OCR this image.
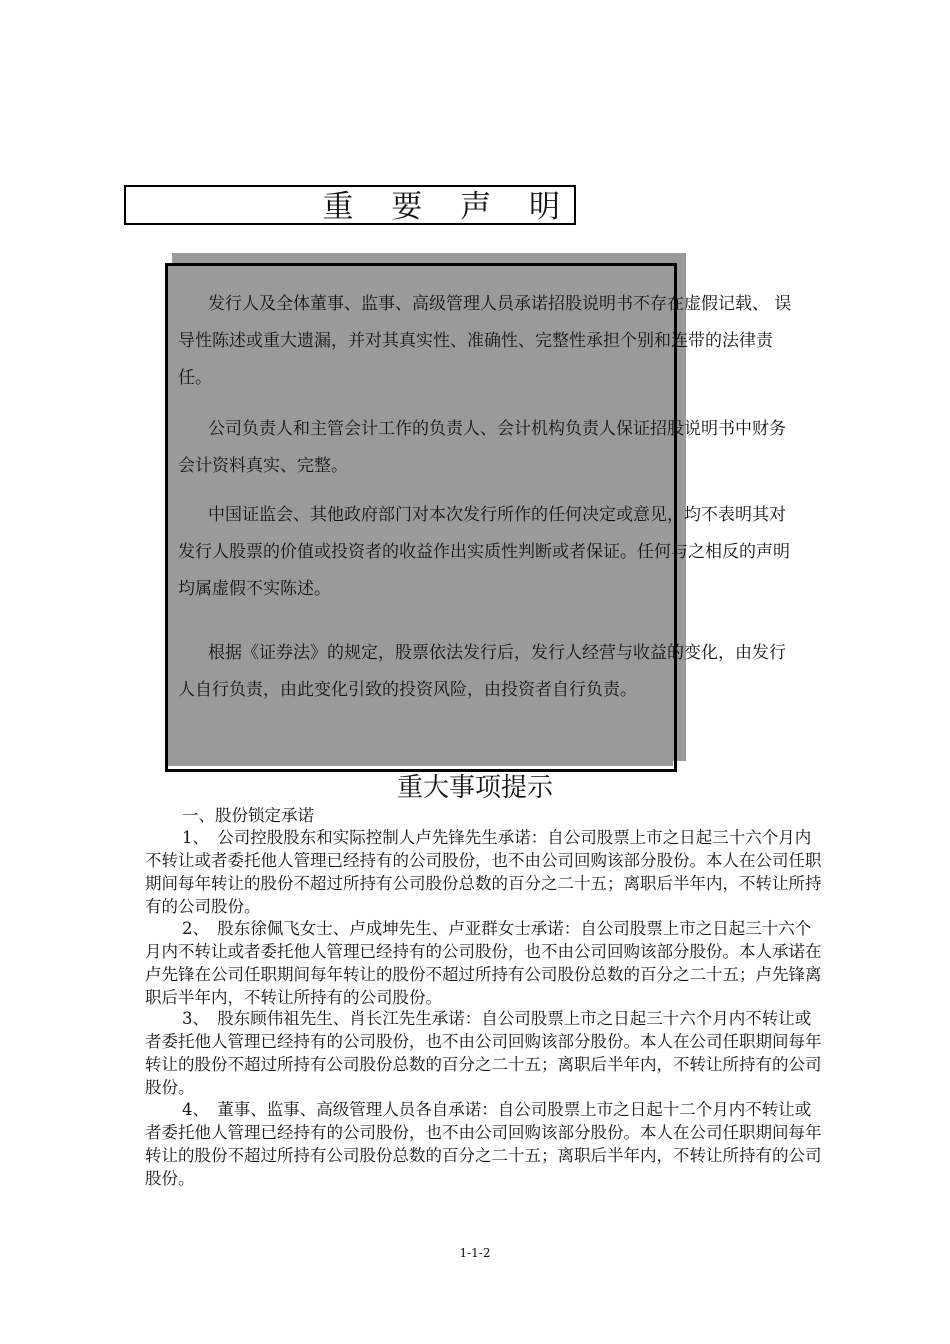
重 要 声 明

发行人及全体董事、监事、高级管理人员承诺招股说明书不存在虚假记载、 误导性陈述或重大遗漏，并对其真实性、准确性、完整性承担个别和连带的法律责任。

公司负责人和主管会计工作的负责人、会计机构负责人保证招股说明书中财务会计资料真实、完整。

中国证监会、其他政府部门对本次发行所作的任何决定或意见，均不表明其对发行人股票的价值或投资者的收益作出实质性判断或者保证。任何与之相反的声明均属虚假不实陈述。

根据《证券法》的规定，股票依法发行后，发行人经营与收益的变化，由发行人自行负责，由此变化引致的投资风险，由投资者自行负责。

重大事项提示

一、股份锁定承诺

1、　公司控股股东和实际控制人卢先锋先生承诺：自公司股票上市之日起三十六个月内不转让或者委托他人管理已经持有的公司股份，也不由公司回购该部分股份。本人在公司任职期间每年转让的股份不超过所持有公司股份总数的百分之二十五；离职后半年内，不转让所持有的公司股份。

2、　股东徐佩飞女士、卢成坤先生、卢亚群女士承诺：自公司股票上市之日起三十六个月内不转让或者委托他人管理已经持有的公司股份，也不由公司回购该部分股份。本人承诺在卢先锋在公司任职期间每年转让的股份不超过所持有公司股份总数的百分之二十五；卢先锋离职后半年内，不转让所持有的公司股份。

3、　股东顾伟祖先生、肖长江先生承诺：自公司股票上市之日起三十六个月内不转让或者委托他人管理已经持有的公司股份，也不由公司回购该部分股份。本人在公司任职期间每年转让的股份不超过所持有公司股份总数的百分之二十五；离职后半年内，不转让所持有的公司股份。

4、　董事、监事、高级管理人员各自承诺：自公司股票上市之日起十二个月内不转让或者委托他人管理已经持有的公司股份，也不由公司回购该部分股份。本人在公司任职期间每年转让的股份不超过所持有公司股份总数的百分之二十五；离职后半年内，不转让所持有的公司股份。

1-1-2
